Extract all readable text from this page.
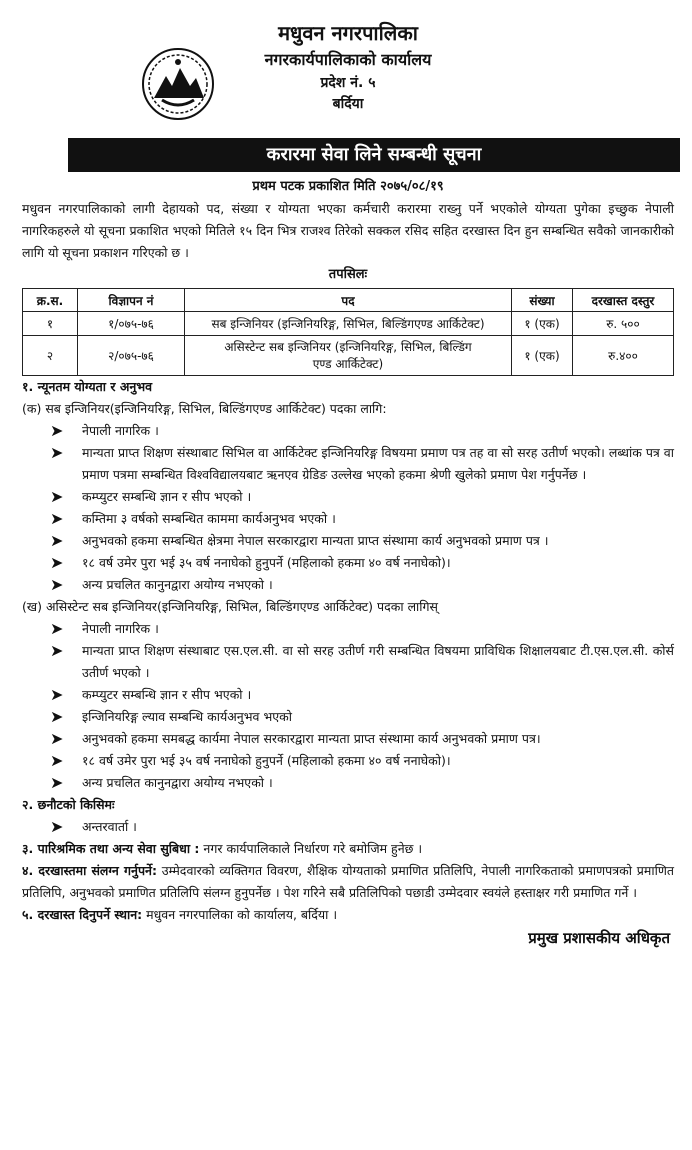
मधुवन नगरपालिका
नगरकार्यपालिकाको कार्यालय
प्रदेश नं. ५
बर्दिया
करारमा सेवा लिने सम्बन्धी सूचना
प्रथम पटक प्रकाशित मिति २०७५/०८/१९
मधुवन नगरपालिकाको लागी देहायको पद, संख्या र योग्यता भएका कर्मचारी करारमा राख्नु पर्ने भएकोले योग्यता पुगेका इच्छुक नेपाली नागरिकहरुले यो सूचना प्रकाशित भएको मितिले १५ दिन भित्र राजश्व तिरेको सक्कल रसिद सहित दरखास्त दिन हुन सम्बन्धित सवैको जानकारीको लागि यो सूचना प्रकाशन गरिएको छ ।
तपसिलः
क्र.स.	विज्ञापन नं	पद	संख्या	दरखास्त दस्तुर
१	१/०७५-७६	सब इन्जिनियर (इन्जिनियरिङ्ग, सिभिल, बिल्डिंगएण्ड आर्किटेक्ट)	१ (एक)	रु. ५००
२	२/०७५-७६	असिस्टेन्ट सब इन्जिनियर (इन्जिनियरिङ्ग, सिभिल, बिल्डिंग एण्ड आर्किटेक्ट)	१ (एक)	रु.४००
१. न्यूनतम योग्यता र अनुभव
(क) सब इन्जिनियर(इन्जिनियरिङ्ग, सिभिल, बिल्डिंगएण्ड आर्किटेक्ट) पदका लागि:
➤	नेपाली नागरिक ।
➤	मान्यता प्राप्त शिक्षण संस्थाबाट सिभिल वा आर्किटेक्ट इन्जिनियरिङ्ग विषयमा प्रमाण पत्र तह वा सो सरह उतीर्ण भएको। लब्धांक पत्र वा प्रमाण पत्रमा सम्बन्धित विश्वविद्यालयबाट ऋनएव ग्रेडिङ उल्लेख भएको हकमा श्रेणी खुलेको प्रमाण पेश गर्नुपर्नेछ ।
➤	कम्प्युटर सम्बन्धि ज्ञान र सीप भएको ।
➤	कम्तिमा ३ वर्षको सम्बन्धित काममा कार्यअनुभव भएको ।
➤	अनुभवको हकमा सम्बन्धित क्षेत्रमा नेपाल सरकारद्वारा मान्यता प्राप्त संस्थामा कार्य अनुभवको प्रमाण पत्र ।
➤	१८ वर्ष उमेर पुरा भई ३५ वर्ष ननाघेको हुनुपर्ने (महिलाको हकमा ४० वर्ष ननाघेको)।
➤	अन्य प्रचलित कानुनद्वारा अयोग्य नभएको ।
(ख) असिस्टेन्ट सब इन्जिनियर(इन्जिनियरिङ्ग, सिभिल, बिल्डिंगएण्ड आर्किटेक्ट) पदका लागिस्
➤	नेपाली नागरिक ।
➤	मान्यता प्राप्त शिक्षण संस्थाबाट एस.एल.सी. वा सो सरह उतीर्ण गरी सम्बन्धित विषयमा प्राविधिक शिक्षालयबाट टी.एस.एल.सी. कोर्स उतीर्ण भएको ।
➤	कम्प्युटर सम्बन्धि ज्ञान र सीप भएको ।
➤	इन्जिनियरिङ्ग ल्याव सम्बन्धि कार्यअनुभव भएको
➤	अनुभवको हकमा समबद्ध कार्यमा नेपाल सरकारद्वारा मान्यता प्राप्त संस्थामा कार्य अनुभवको प्रमाण पत्र।
➤	१८ वर्ष उमेर पुरा भई ३५ वर्ष ननाघेको हुनुपर्ने (महिलाको हकमा ४० वर्ष ननाघेको)।
➤	अन्य प्रचलित कानुनद्वारा अयोग्य नभएको ।
२. छनौटको किसिमः
➤	अन्तरवार्ता ।
३. पारिश्रमिक तथा अन्य सेवा सुबिधा : नगर कार्यपालिकाले निर्धारण गरे बमोजिम हुनेछ ।
४. दरखास्तमा संलग्न गर्नुपर्ने: उम्मेदवारको व्यक्तिगत विवरण, शैक्षिक योग्यताको प्रमाणित प्रतिलिपि, नेपाली नागरिकताको प्रमाणपत्रको प्रमाणित प्रतिलिपि, अनुभवको प्रमाणित प्रतिलिपि संलग्न हुनुपर्नेछ । पेश गरिने सबै प्रतिलिपिको पछाडी उम्मेदवार स्वयंले हस्ताक्षर गरी प्रमाणित गर्ने ।
५. दरखास्त दिनुपर्ने स्थान: मधुवन नगरपालिका को कार्यालय, बर्दिया ।
प्रमुख प्रशासकीय अधिकृत
